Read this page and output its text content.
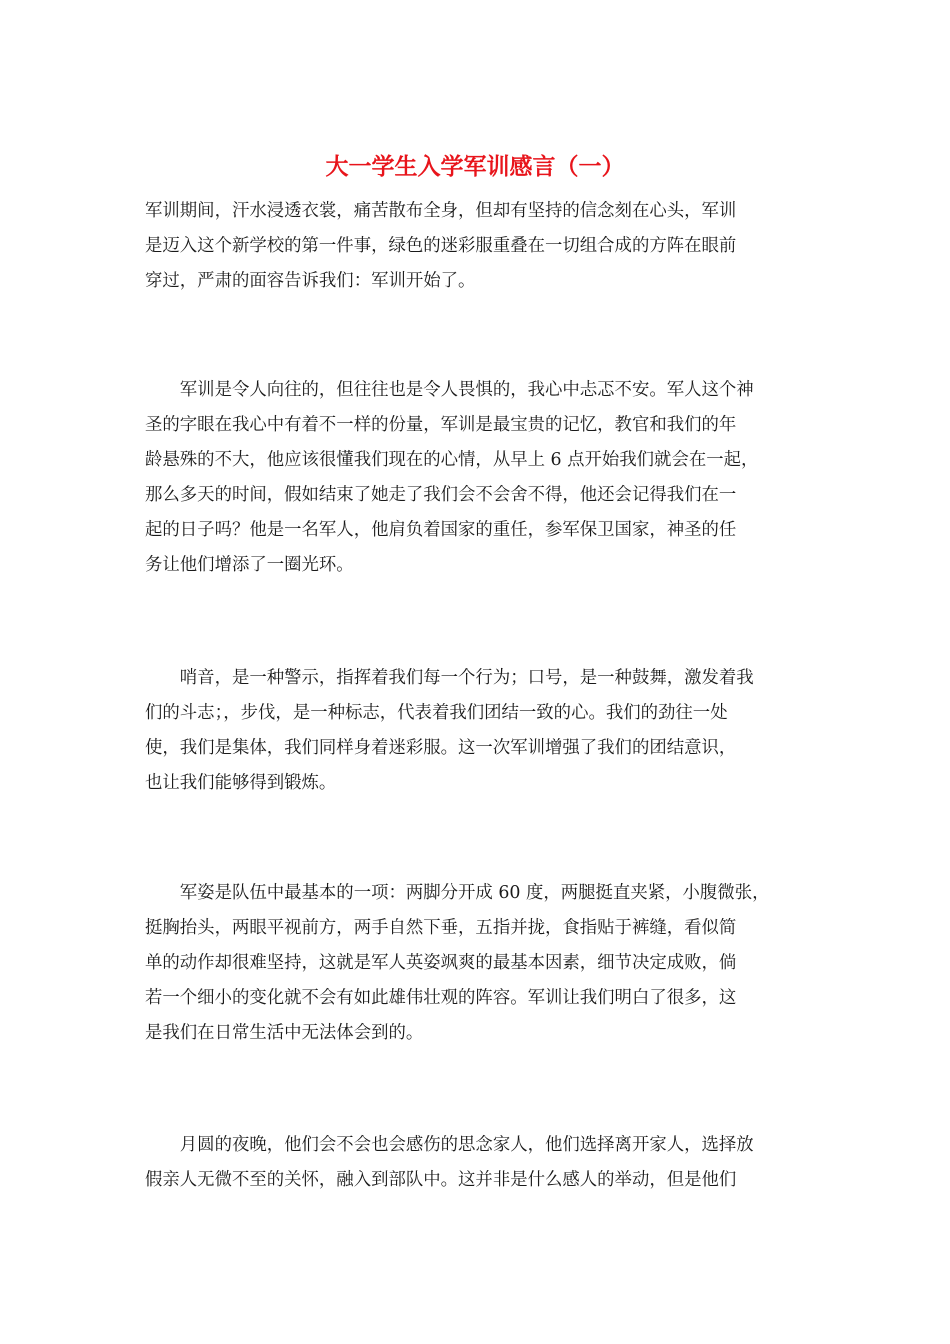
大一学生入学军训感言（一）
军训期间，汗水浸透衣裳，痛苦散布全身，但却有坚持的信念刻在心头，军训
是迈入这个新学校的第一件事，绿色的迷彩服重叠在一切组合成的方阵在眼前
穿过，严肃的面容告诉我们：军训开始了。
　　军训是令人向往的，但往往也是令人畏惧的，我心中忐忑不安。军人这个神
圣的字眼在我心中有着不一样的份量，军训是最宝贵的记忆，教官和我们的年
龄悬殊的不大，他应该很懂我们现在的心情，从早上 6 点开始我们就会在一起，
那么多天的时间，假如结束了她走了我们会不会舍不得，他还会记得我们在一
起的日子吗？他是一名军人，他肩负着国家的重任，参军保卫国家，神圣的任
务让他们增添了一圈光环。
　　哨音，是一种警示，指挥着我们每一个行为；口号，是一种鼓舞，激发着我
们的斗志；，步伐，是一种标志，代表着我们团结一致的心。我们的劲往一处
使，我们是集体，我们同样身着迷彩服。这一次军训增强了我们的团结意识，
也让我们能够得到锻炼。
　　军姿是队伍中最基本的一项：两脚分开成 60 度，两腿挺直夹紧，小腹微张，
挺胸抬头，两眼平视前方，两手自然下垂，五指并拢，食指贴于裤缝，看似简
单的动作却很难坚持，这就是军人英姿飒爽的最基本因素，细节决定成败，倘
若一个细小的变化就不会有如此雄伟壮观的阵容。军训让我们明白了很多，这
是我们在日常生活中无法体会到的。
　　月圆的夜晚，他们会不会也会感伤的思念家人，他们选择离开家人，选择放
假亲人无微不至的关怀，融入到部队中。这并非是什么感人的举动，但是他们
